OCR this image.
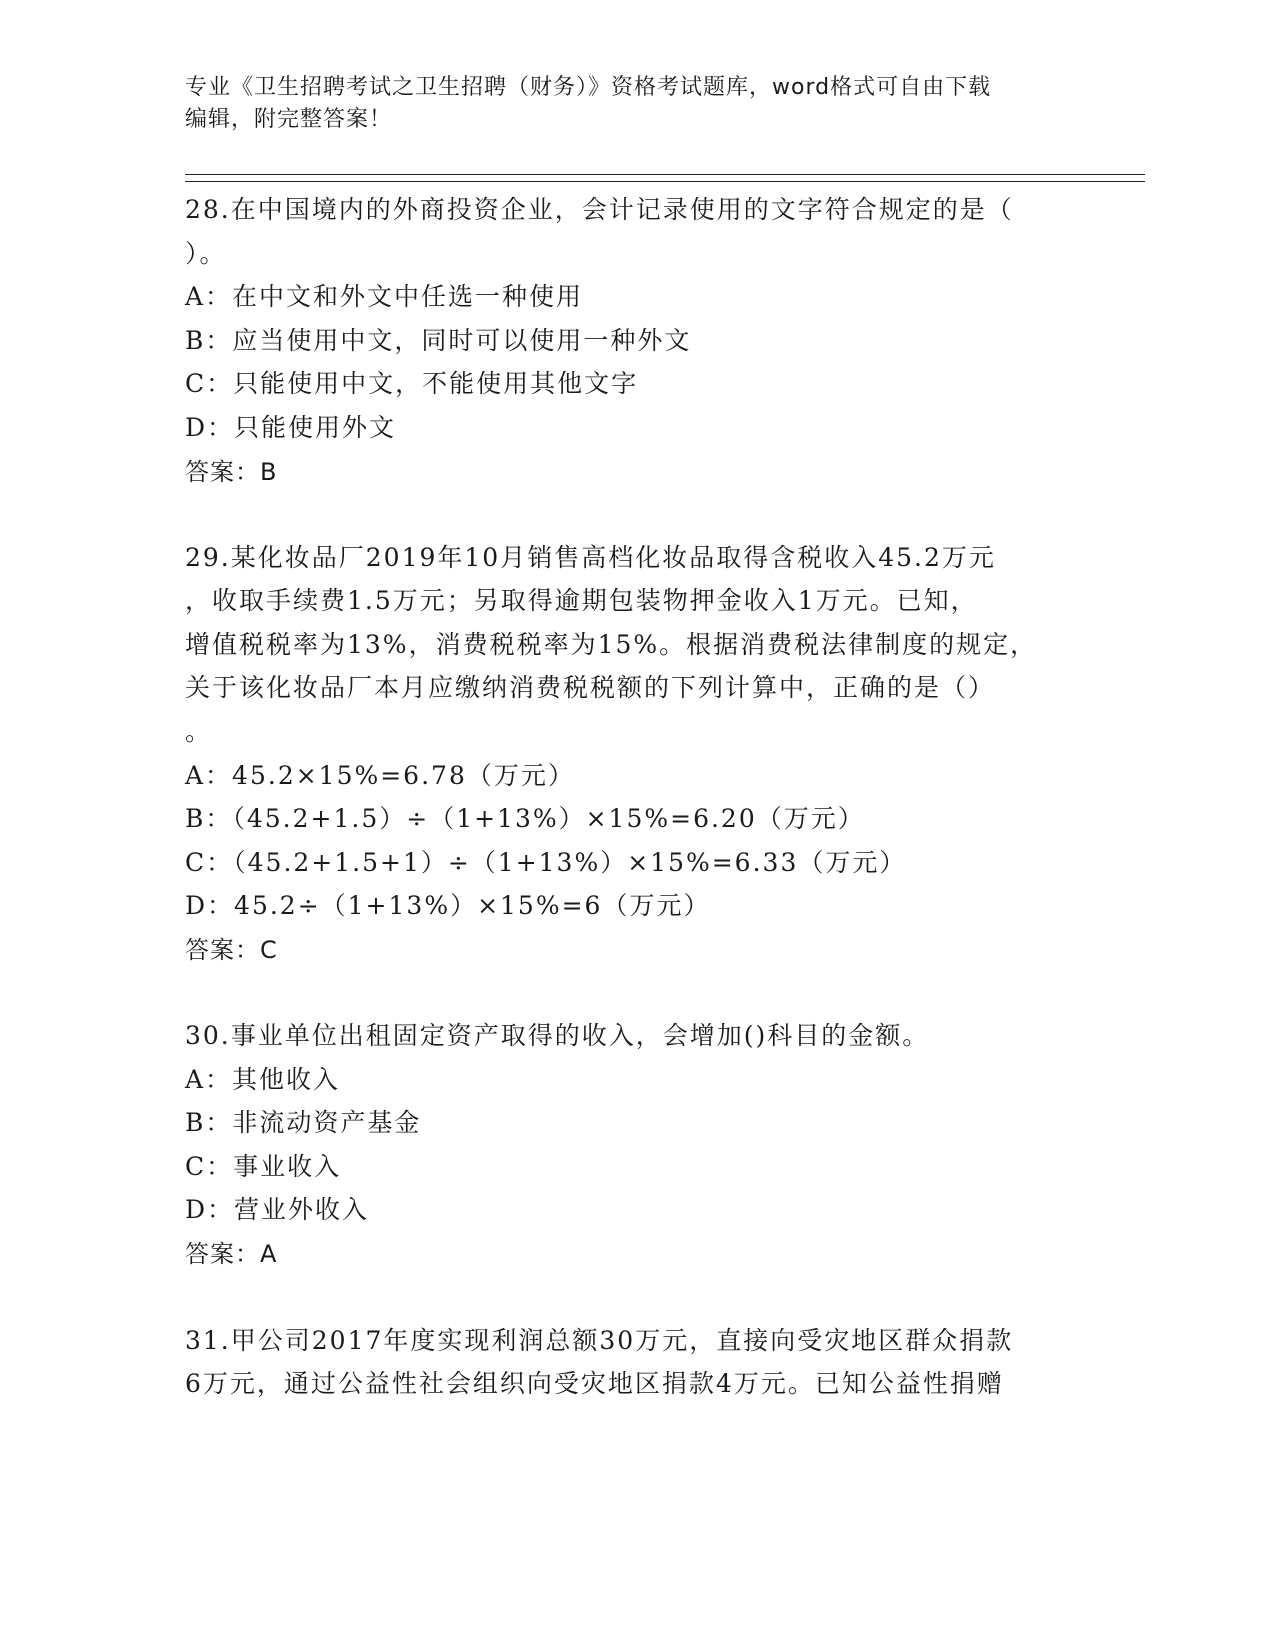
专业《卫生招聘考试之卫生招聘（财务）》资格考试题库，word格式可自由下载
编辑，附完整答案！
28.在中国境内的外商投资企业，会计记录使用的文字符合规定的是（
）。
A：在中文和外文中任选一种使用
B：应当使用中文，同时可以使用一种外文
C：只能使用中文，不能使用其他文字
D：只能使用外文
答案：B
29.某化妆品厂2019年10月销售高档化妆品取得含税收入45.2万元
，收取手续费1.5万元；另取得逾期包装物押金收入1万元。已知，
增值税税率为13%，消费税税率为15%。根据消费税法律制度的规定，
关于该化妆品厂本月应缴纳消费税税额的下列计算中，正确的是（）
。
A：45.2×15%=6.78（万元）
B：（45.2+1.5）÷（1+13%）×15%=6.20（万元）
C：（45.2+1.5+1）÷（1+13%）×15%=6.33（万元）
D：45.2÷（1+13%）×15%=6（万元）
答案：C
30.事业单位出租固定资产取得的收入，会增加()科目的金额。
A：其他收入
B：非流动资产基金
C：事业收入
D：营业外收入
答案：A
31.甲公司2017年度实现利润总额30万元，直接向受灾地区群众捐款
6万元，通过公益性社会组织向受灾地区捐款4万元。已知公益性捐赠
